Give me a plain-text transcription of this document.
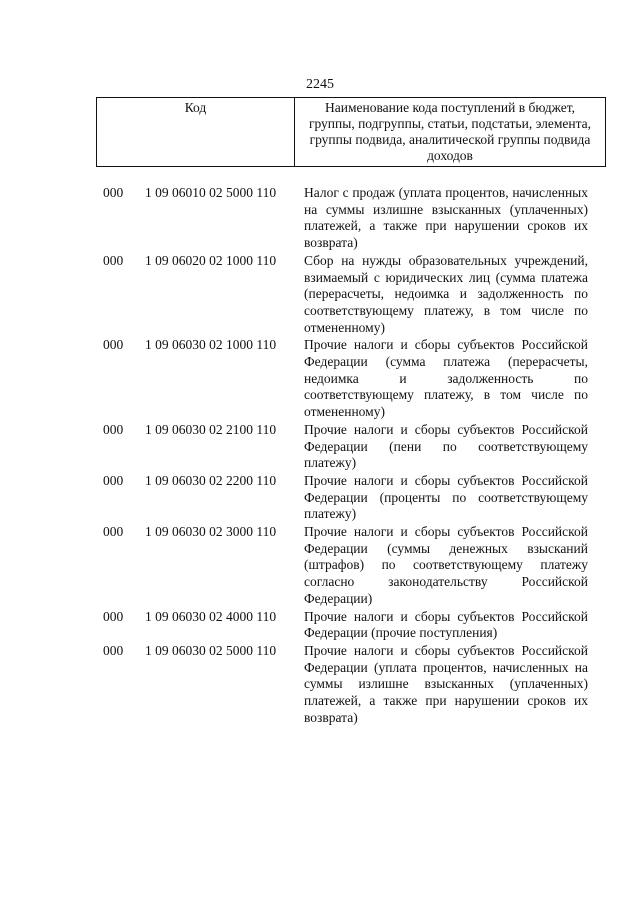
2245
Код	Наименование кода поступлений в бюджет, группы, подгруппы, статьи, подстатьи, элемента, группы подвида, аналитической группы подвида доходов
000 1 09 06010 02 5000 110 Налог с продаж (уплата процентов, начисленных на суммы излишне взысканных (уплаченных) платежей, а также при нарушении сроков их возврата)
000 1 09 06020 02 1000 110 Сбор на нужды образовательных учреждений, взимаемый с юридических лиц (сумма платежа (перерасчеты, недоимка и задолженность по соответствующему платежу, в том числе по отмененному)
000 1 09 06030 02 1000 110 Прочие налоги и сборы субъектов Российской Федерации (сумма платежа (перерасчеты, недоимка и задолженность по соответствующему платежу, в том числе по отмененному)
000 1 09 06030 02 2100 110 Прочие налоги и сборы субъектов Российской Федерации (пени по соответствующему платежу)
000 1 09 06030 02 2200 110 Прочие налоги и сборы субъектов Российской Федерации (проценты по соответствующему платежу)
000 1 09 06030 02 3000 110 Прочие налоги и сборы субъектов Российской Федерации (суммы денежных взысканий (штрафов) по соответствующему платежу согласно законодательству Российской Федерации)
000 1 09 06030 02 4000 110 Прочие налоги и сборы субъектов Российской Федерации (прочие поступления)
000 1 09 06030 02 5000 110 Прочие налоги и сборы субъектов Российской Федерации (уплата процентов, начисленных на суммы излишне взысканных (уплаченных) платежей, а также при нарушении сроков их возврата)
